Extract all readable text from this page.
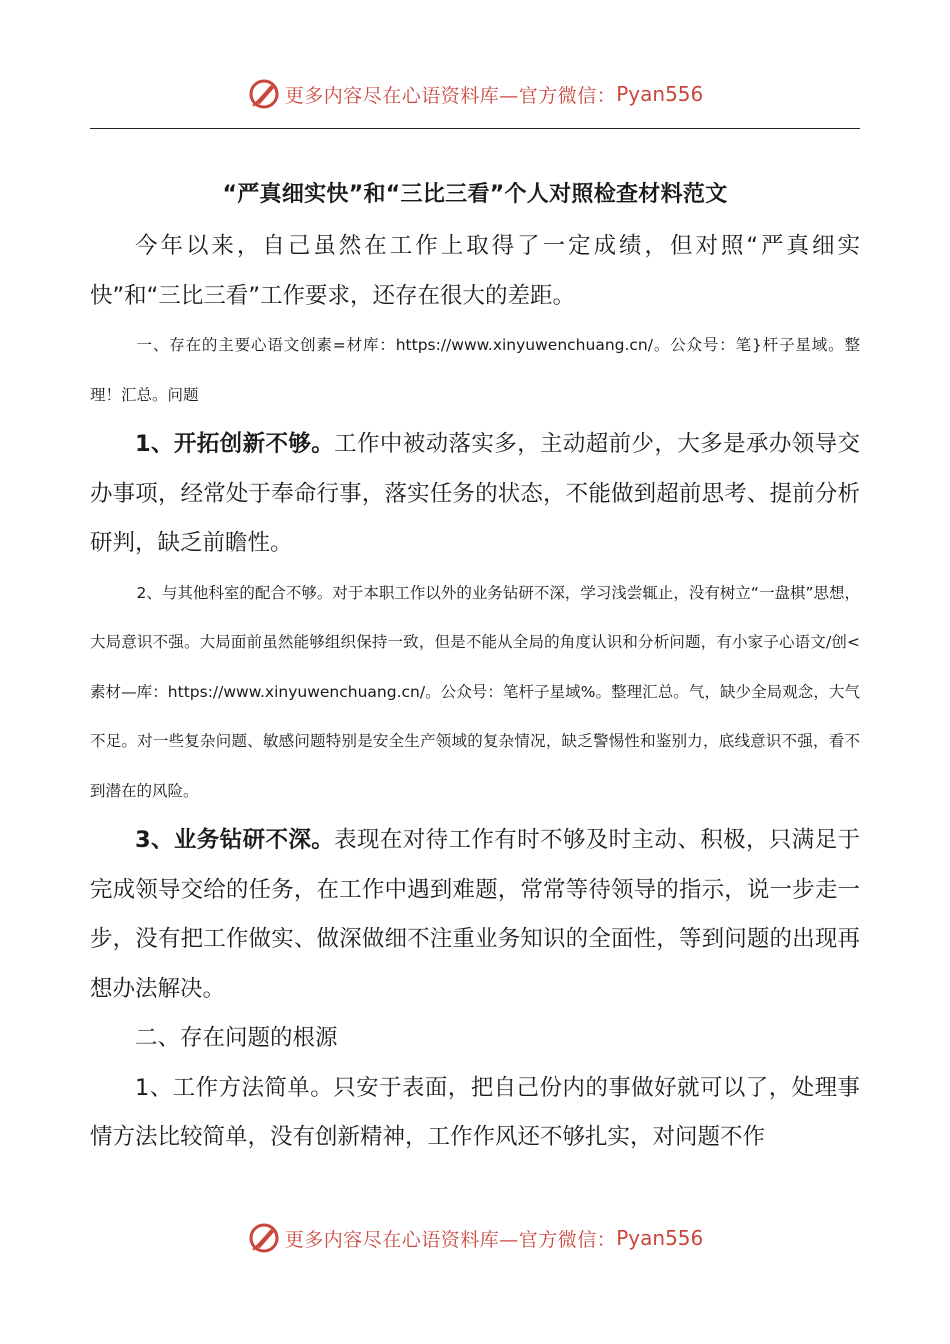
更多内容尽在心语资料库—官方微信： Pyan556
“严真细实快”和“三比三看”个人对照检查材料范文

今年以来，自己虽然在工作上取得了一定成绩，但对照“严真细实快”和“三比三看”工作要求，还存在很大的差距。

一、存在的主要心语文创素=材库：https://www.xinyuwenchuang.cn/。公众号：笔}杆子星域。整理！汇总。问题

1、开拓创新不够。工作中被动落实多，主动超前少，大多是承办领导交办事项，经常处于奉命行事，落实任务的状态，不能做到超前思考、提前分析研判，缺乏前瞻性。

2、与其他科室的配合不够。对于本职工作以外的业务钻研不深，学习浅尝辄止，没有树立“一盘棋”思想，大局意识不强。大局面前虽然能够组织保持一致，但是不能从全局的角度认识和分析问题，有小家子心语文/创<素材—库：https://www.xinyuwenchuang.cn/。公众号：笔杆子星域%。整理汇总。气，缺少全局观念，大气不足。对一些复杂问题、敏感问题特别是安全生产领域的复杂情况，缺乏警惕性和鉴别力，底线意识不强，看不到潜在的风险。

3、业务钻研不深。表现在对待工作有时不够及时主动、积极，只满足于完成领导交给的任务，在工作中遇到难题，常常等待领导的指示，说一步走一步，没有把工作做实、做深做细不注重业务知识的全面性，等到问题的出现再想办法解决。

二、存在问题的根源

1、工作方法简单。只安于表面，把自己份内的事做好就可以了，处理事情方法比较简单，没有创新精神，工作作风还不够扎实，对问题不作

更多内容尽在心语资料库—官方微信： Pyan556
